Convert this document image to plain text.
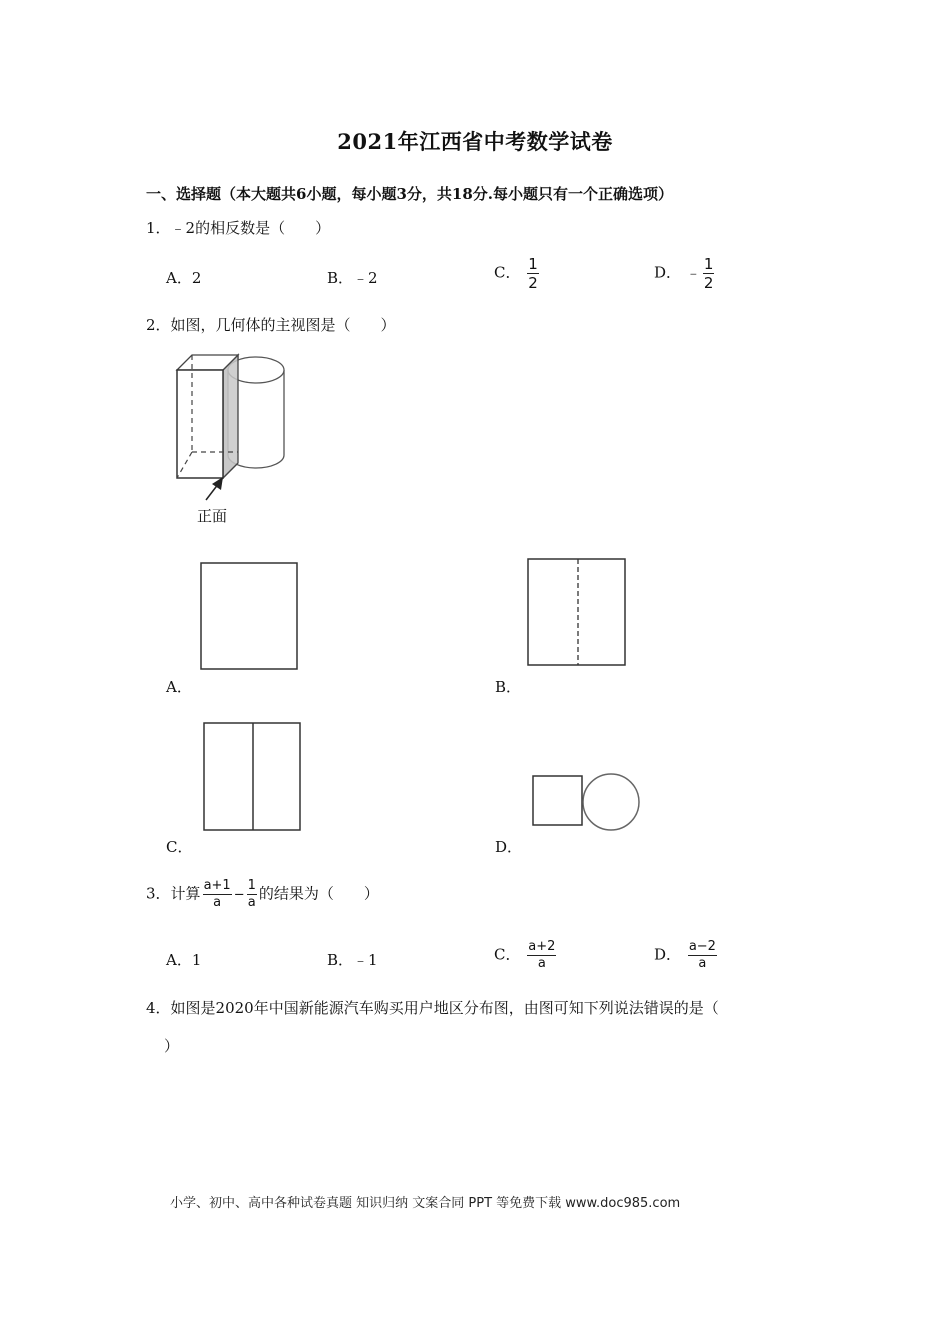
2021年江西省中考数学试卷
一、选择题（本大题共6小题，每小题3分，共18分.每小题只有一个正确选项）
1．﹣2的相反数是（　　）
A．2	B．﹣2	C． $\frac{1}{2}$	D． ﹣ $\frac{1}{2}$
2．如图，几何体的主视图是（　　）
正面
A．	B．
C．	D．
3．计算 $\frac{a+1}{a} - \frac{1}{a}$ 的结果为（　　）
A．1	B．﹣1	C． $\frac{a+2}{a}$	D． $\frac{a-2}{a}$
4．如图是2020年中国新能源汽车购买用户地区分布图，由图可知下列说法错误的是（
）
小学、初中、高中各种试卷真题 知识归纳 文案合同 PPT 等免费下载 www.doc985.com
